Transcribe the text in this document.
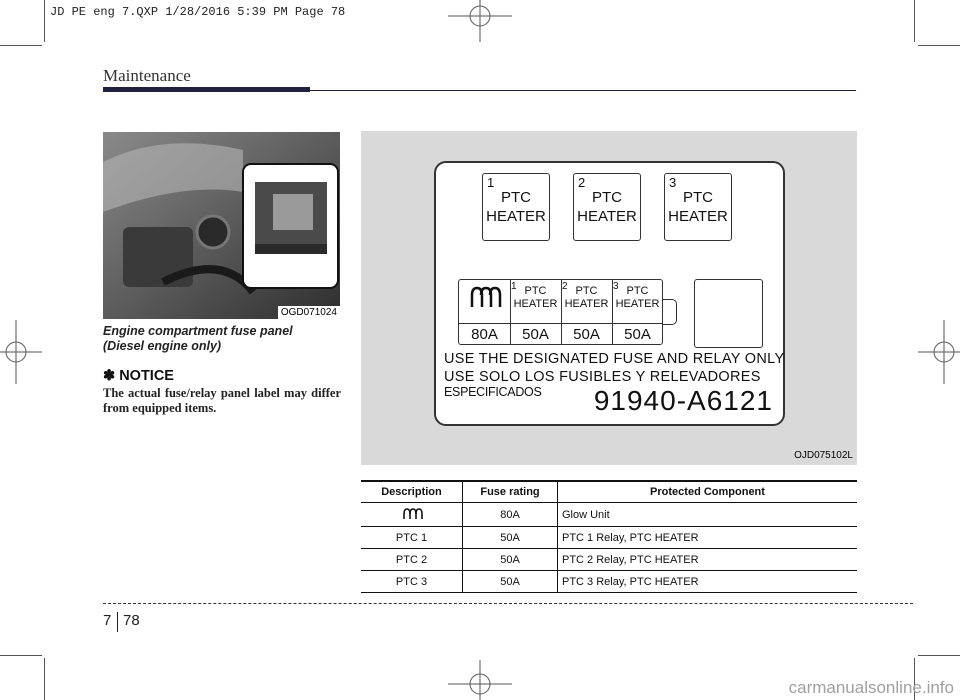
JD PE eng 7.QXP 1/28/2016 5:39 PM Page 78
Maintenance
OGD071024
Engine compartment fuse panel
(Diesel engine only)
✽ NOTICE
The actual fuse/relay panel label may differ from equipped items.
1
PTC
HEATER
2
PTC
HEATER
3
PTC
HEATER
1 PTC
HEATER
2 PTC
HEATER
3 PTC
HEATER
80A	50A	50A	50A
USE THE DESIGNATED FUSE AND RELAY ONLY
USE SOLO LOS FUSIBLES Y RELEVADORES
ESPECIFICADOS 91940-A6121
OJD075102L
Description	Fuse rating	Protected Component
	80A	Glow Unit
PTC 1	50A	PTC 1 Relay, PTC HEATER
PTC 2	50A	PTC 2 Relay, PTC HEATER
PTC 3	50A	PTC 3 Relay, PTC HEATER
7 78
carmanualsonline.info
